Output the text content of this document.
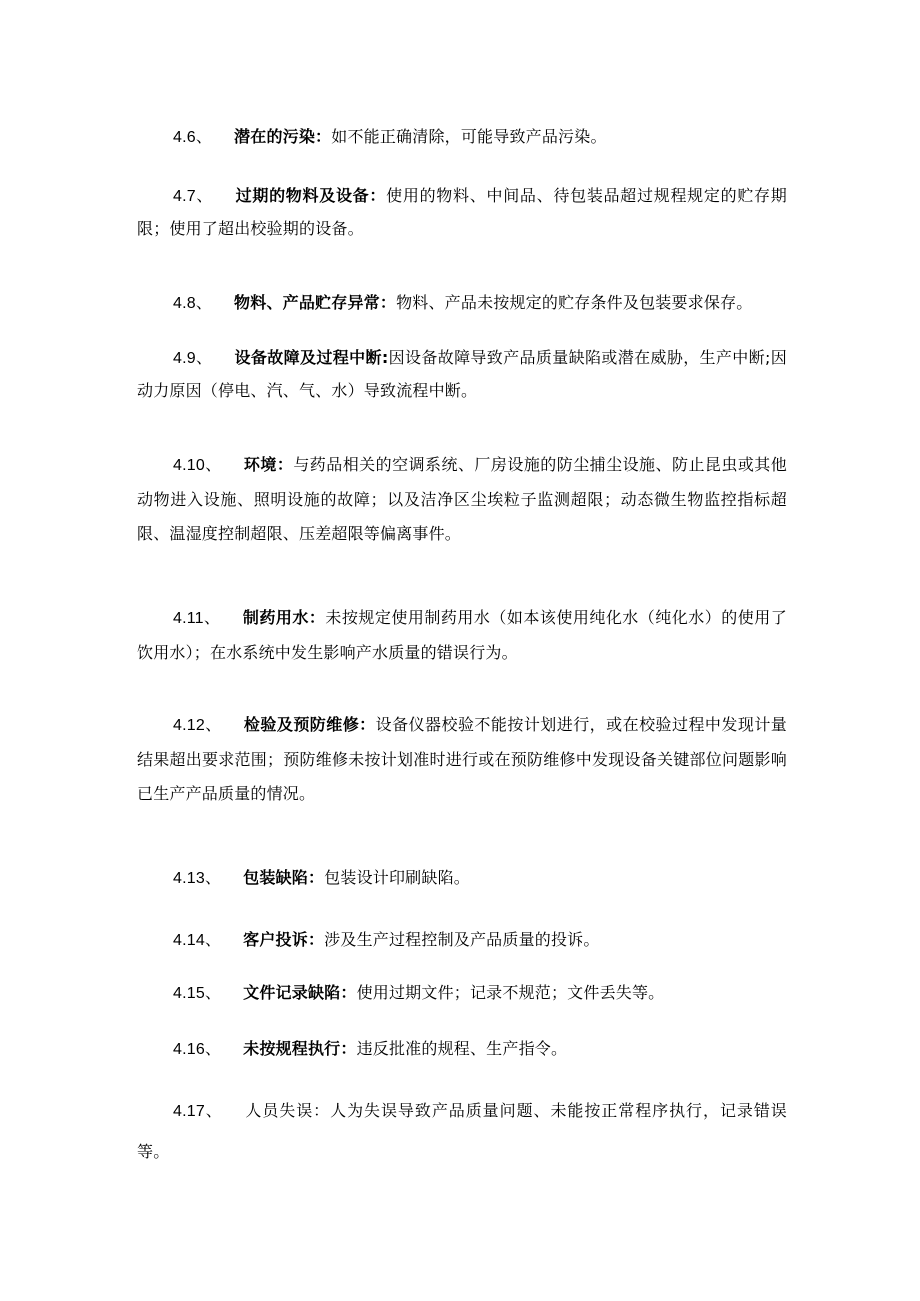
4.6、 潜在的污染：如不能正确清除，可能导致产品污染。

4.7、 过期的物料及设备：使用的物料、中间品、待包装品超过规程规定的贮存期限；使用了超出校验期的设备。

4.8、 物料、产品贮存异常：物料、产品未按规定的贮存条件及包装要求保存。

4.9、 设备故障及过程中断:因设备故障导致产品质量缺陷或潜在威胁，生产中断;因动力原因（停电、汽、气、水）导致流程中断。

4.10、 环境：与药品相关的空调系统、厂房设施的防尘捕尘设施、防止昆虫或其他动物进入设施、照明设施的故障；以及洁净区尘埃粒子监测超限；动态微生物监控指标超限、温湿度控制超限、压差超限等偏离事件。

4.11、 制药用水：未按规定使用制药用水（如本该使用纯化水（纯化水）的使用了饮用水）；在水系统中发生影响产水质量的错误行为。

4.12、 检验及预防维修：设备仪器校验不能按计划进行，或在校验过程中发现计量结果超出要求范围；预防维修未按计划准时进行或在预防维修中发现设备关键部位问题影响已生产产品质量的情况。

4.13、 包装缺陷：包装设计印刷缺陷。

4.14、 客户投诉：涉及生产过程控制及产品质量的投诉。

4.15、 文件记录缺陷：使用过期文件；记录不规范；文件丢失等。

4.16、 未按规程执行：违反批准的规程、生产指令。

4.17、 人员失误：人为失误导致产品质量问题、未能按正常程序执行，记录错误等。
